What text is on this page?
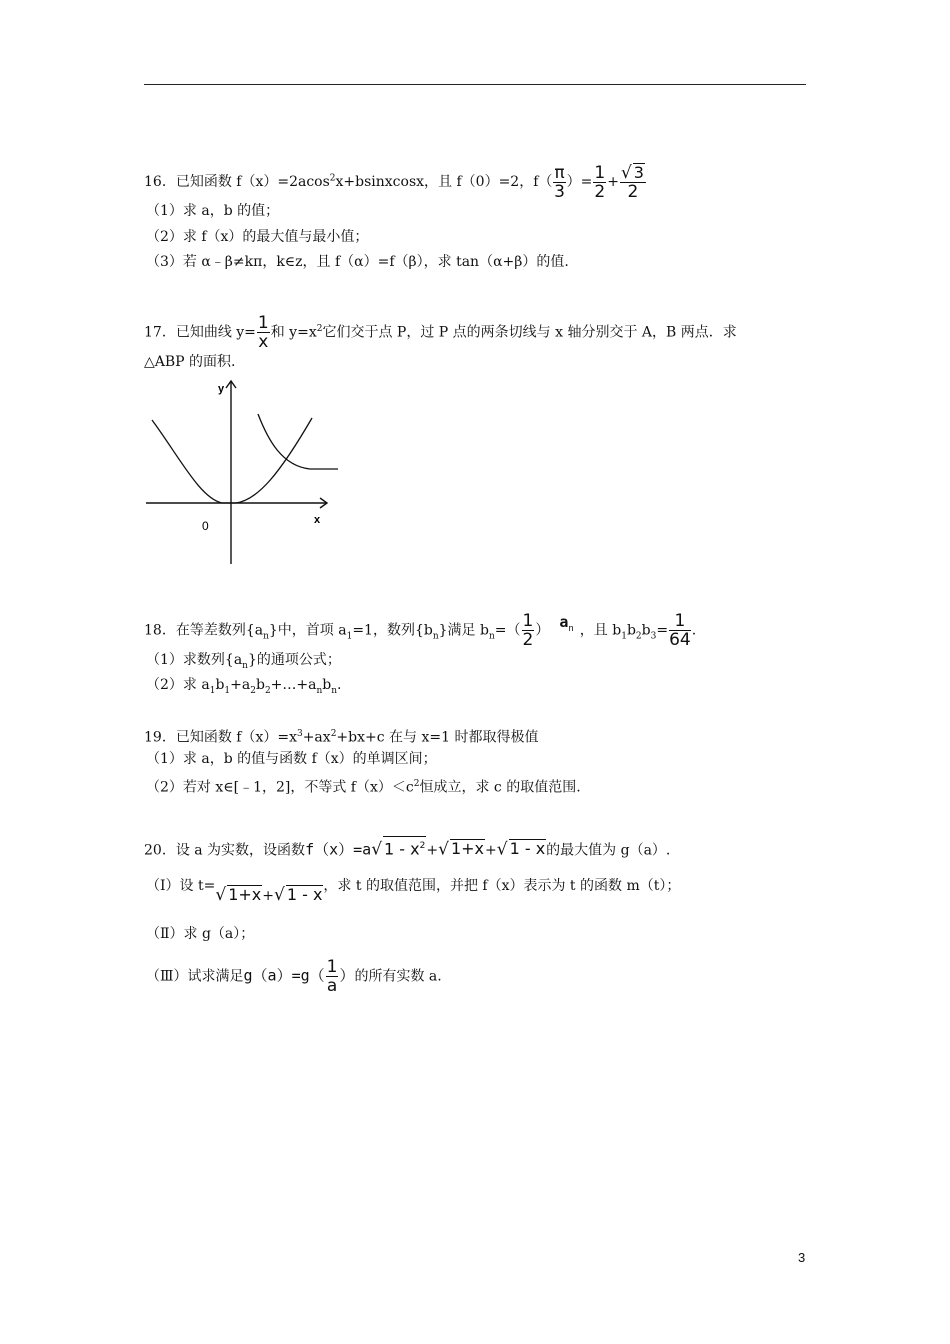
16．已知函数 f（x）=2acos$^2$x+bsinxcosx，且 f（0）=2，$f( \frac{\pi}{3}$ ）= $\frac{1}{2} + \frac{√ 3}{2}$
（1）求 a，b 的值；
（2）求 f（x）的最大值与最小值；
（3）若 α﹣β≠kπ，k∈z，且 f（α）=f（β），求 tan（α+β）的值.
17．已知曲线 $y= \frac{1}{x}$ 和 $y=x^2$它们交于点 P，过 P 点的两条切线与 x 轴分别交于 A，B 两点．求
△ABP 的面积.
y
x
0
18．在等差数列$\{a_n\}$中，首项 $a_1=1$，数列$\{b_n\}$满足 $b_n=( \frac{1}{2}$ ） $a_n$ ，且 $b_1b_2b_3= \frac{1}{64}$ .
（1）求数列$\{a_n\}$的通项公式；
（2）求 $a_1b_1+a_2b_2+\dots+a_nb_n$.
19．已知函数 $f(x)=x^3+ax^2+bx+c$ 在与 x=1 时都取得极值
（1）求 a，b 的值与函数 f（x）的单调区间；
（2）若对 x∈[﹣1，2]，不等式 $f(x)<c^2$恒成立，求 c 的取值范围.
20．设 a 为实数，设函数f（x）=a√ $1 - x^2+√$ 1+x+√ 1 - x的最大值为 g（a）.
（Ⅰ）设 t=√ 1+x+√ 1 - x，求 t 的取值范围，并把 f（x）表示为 t 的函数 m（t）；
（Ⅱ）求 g（a）；
（Ⅲ）试求满足$g(a)=g( \frac{1}{a}$ ）的所有实数 a.
3
